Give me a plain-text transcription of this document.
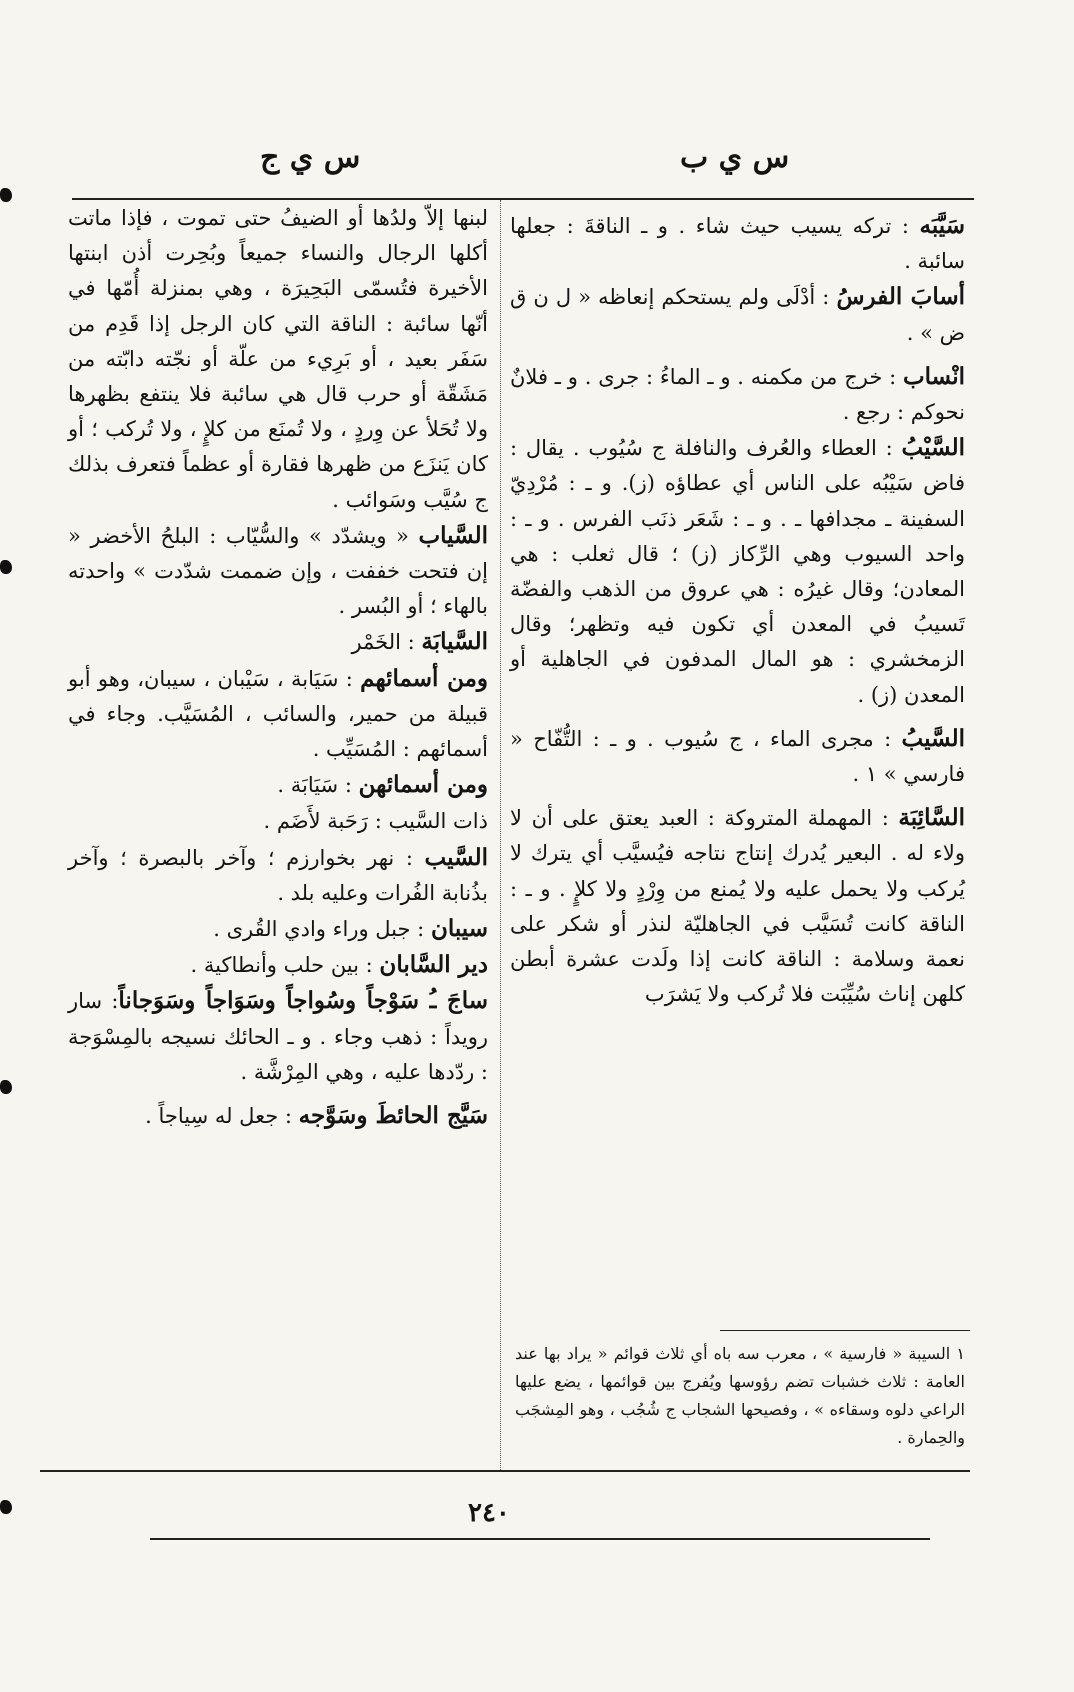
س ي ب
س ي ج

سَيَّبَه : تركه يسيب حيث شاء . و ـ الناقةَ : جعلها سائبة .

أسابَ الفرسُ : أدْلَى ولم يستحكم إنعاظه « ل ن ق ض » .

انْساب : خرج من مكمنه . و ـ الماءُ : جرى . و ـ فلانٌ نحوكم : رجع .

السَّيْبُ : العطاء والعُرف والنافلة ج سُيُوب . يقال : فاض سَيْبُه على الناس أي عطاؤه (ز). و ـ : مُرْدِيّ السفينة ـ مجدافها ـ . و ـ : شَعَر ذنَب الفرس . و ـ : واحد السيوب وهي الرِّكاز (ز) ؛ قال ثعلب : هي المعادن؛ وقال غيرُه : هي عروق من الذهب والفضّة تَسيبُ في المعدن أي تكون فيه وتظهر؛ وقال الزمخشري : هو المال المدفون في الجاهلية أو المعدن (ز) .

السَّيبُ : مجرى الماء ، ج سُيوب . و ـ : التُّفّاح « فارسي » ١ .

السَّائِبَة : المهملة المتروكة : العبد يعتق على أن لا ولاء له . البعير يُدرك إنتاج نتاجه فيُسيَّب أي يترك لا يُركب ولا يحمل عليه ولا يُمنع من وِرْدٍ ولا كلإٍ . و ـ : الناقة كانت تُسَيَّب في الجاهليّة لنذر أو شكر على نعمة وسلامة : الناقة كانت إذا ولَدت عشرة أبطن كلهن إناث سُيِّبَت فلا تُركب ولا يَشرَب

١ السيبة « فارسية » ، معرب سه باه أي ثلاث قوائم « يراد بها عند العامة : ثلاث خشبات تضم رؤوسها ويُفرج بين قوائمها ، يضع عليها الراعي دلوه وسقاءه » ، وفصيحها الشجاب ج شُجُب ، وهو المِشجَب والحِمارة .

لبنها إلاّ ولدُها أو الضيفُ حتى تموت ، فإذا ماتت أكلها الرجال والنساء جميعاً وبُحِرت أذن ابنتها الأخيرة فتُسمّى البَحِيرَة ، وهي بمنزلة أُمّها في أنّها سائبة : الناقة التي كان الرجل إذا قَدِم من سَفَر بعيد ، أو بَرِيء من علّة أو نجّته دابّته من مَشَقّة أو حرب قال هي سائبة فلا ينتفع بظهرها ولا تُحَلأ عن وِردٍ ، ولا تُمنَع من كلإٍ ، ولا تُركب ؛ أو كان يَنزَع من ظهرها فقارة أو عظماً فتعرف بذلك ج سُيَّب وسَوائب .

السَّياب « ويشدّد » والسُّيّاب : البلحُ الأخضر « إن فتحت خففت ، وإن ضممت شدّدت » واحدته بالهاء ؛ أو البُسر .

السَّيابَة : الخَمْر

ومن أسمائهم : سَيَابة ، سَيْبان ، سيبان، وهو أبو قبيلة من حمير، والسائب ، المُسَيَّب. وجاء في أسمائهم : المُسَيِّب .

ومن أسمائهن : سَيَابَة .

ذات السَّيب : رَحَبة لأَضَم .

السَّيب : نهر بخوارزم ؛ وآخر بالبصرة ؛ وآخر بذُنابة الفُرات وعليه بلد .

سيبان : جبل وراء وادي القُرى .

دير السَّابان : بين حلب وأنطاكية .

ساجَ ـُ سَوْجاً وسُواجاً وسَوَاجاً وسَوَجاناً: سار رويداً : ذهب وجاء . و ـ الحائك نسيجه بالمِسْوَجة : ردّدها عليه ، وهي المِرْشَّة .

سَيَّج الحائطَ وسَوَّجه : جعل له سِياجاً .

٢٤٠
